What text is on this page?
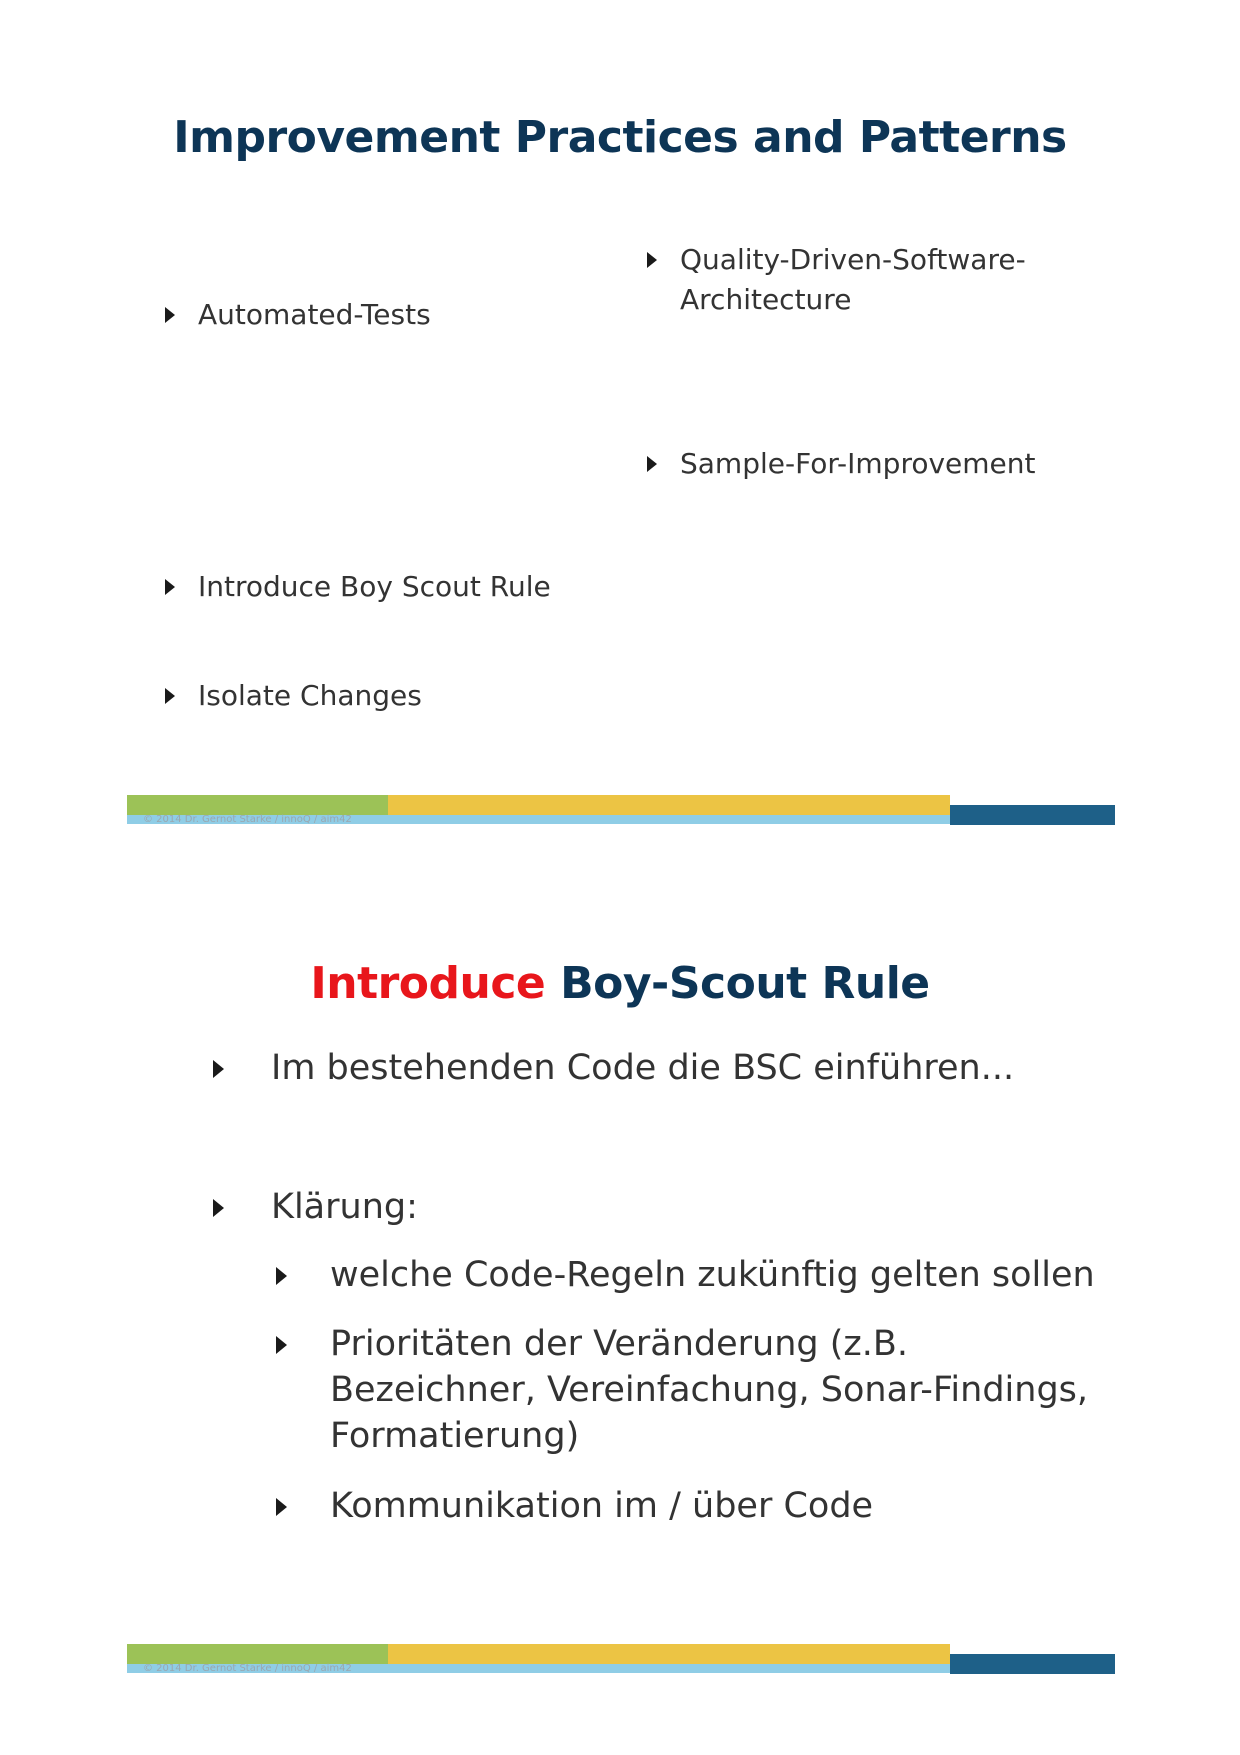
Improvement Practices and Patterns
Automated-Tests
Quality-Driven-Software-
Architecture
Sample-For-Improvement
Introduce Boy Scout Rule
Isolate Changes
© 2014 Dr. Gernot Starke / innoQ / aim42
Introduce Boy-Scout Rule
Im bestehenden Code die BSC einführen...
Klärung:
welche Code-Regeln zukünftig gelten sollen
Prioritäten der Veränderung (z.B. Bezeichner, Vereinfachung, Sonar-Findings, Formatierung)
Kommunikation im / über Code
© 2014 Dr. Gernot Starke / innoQ / aim42
